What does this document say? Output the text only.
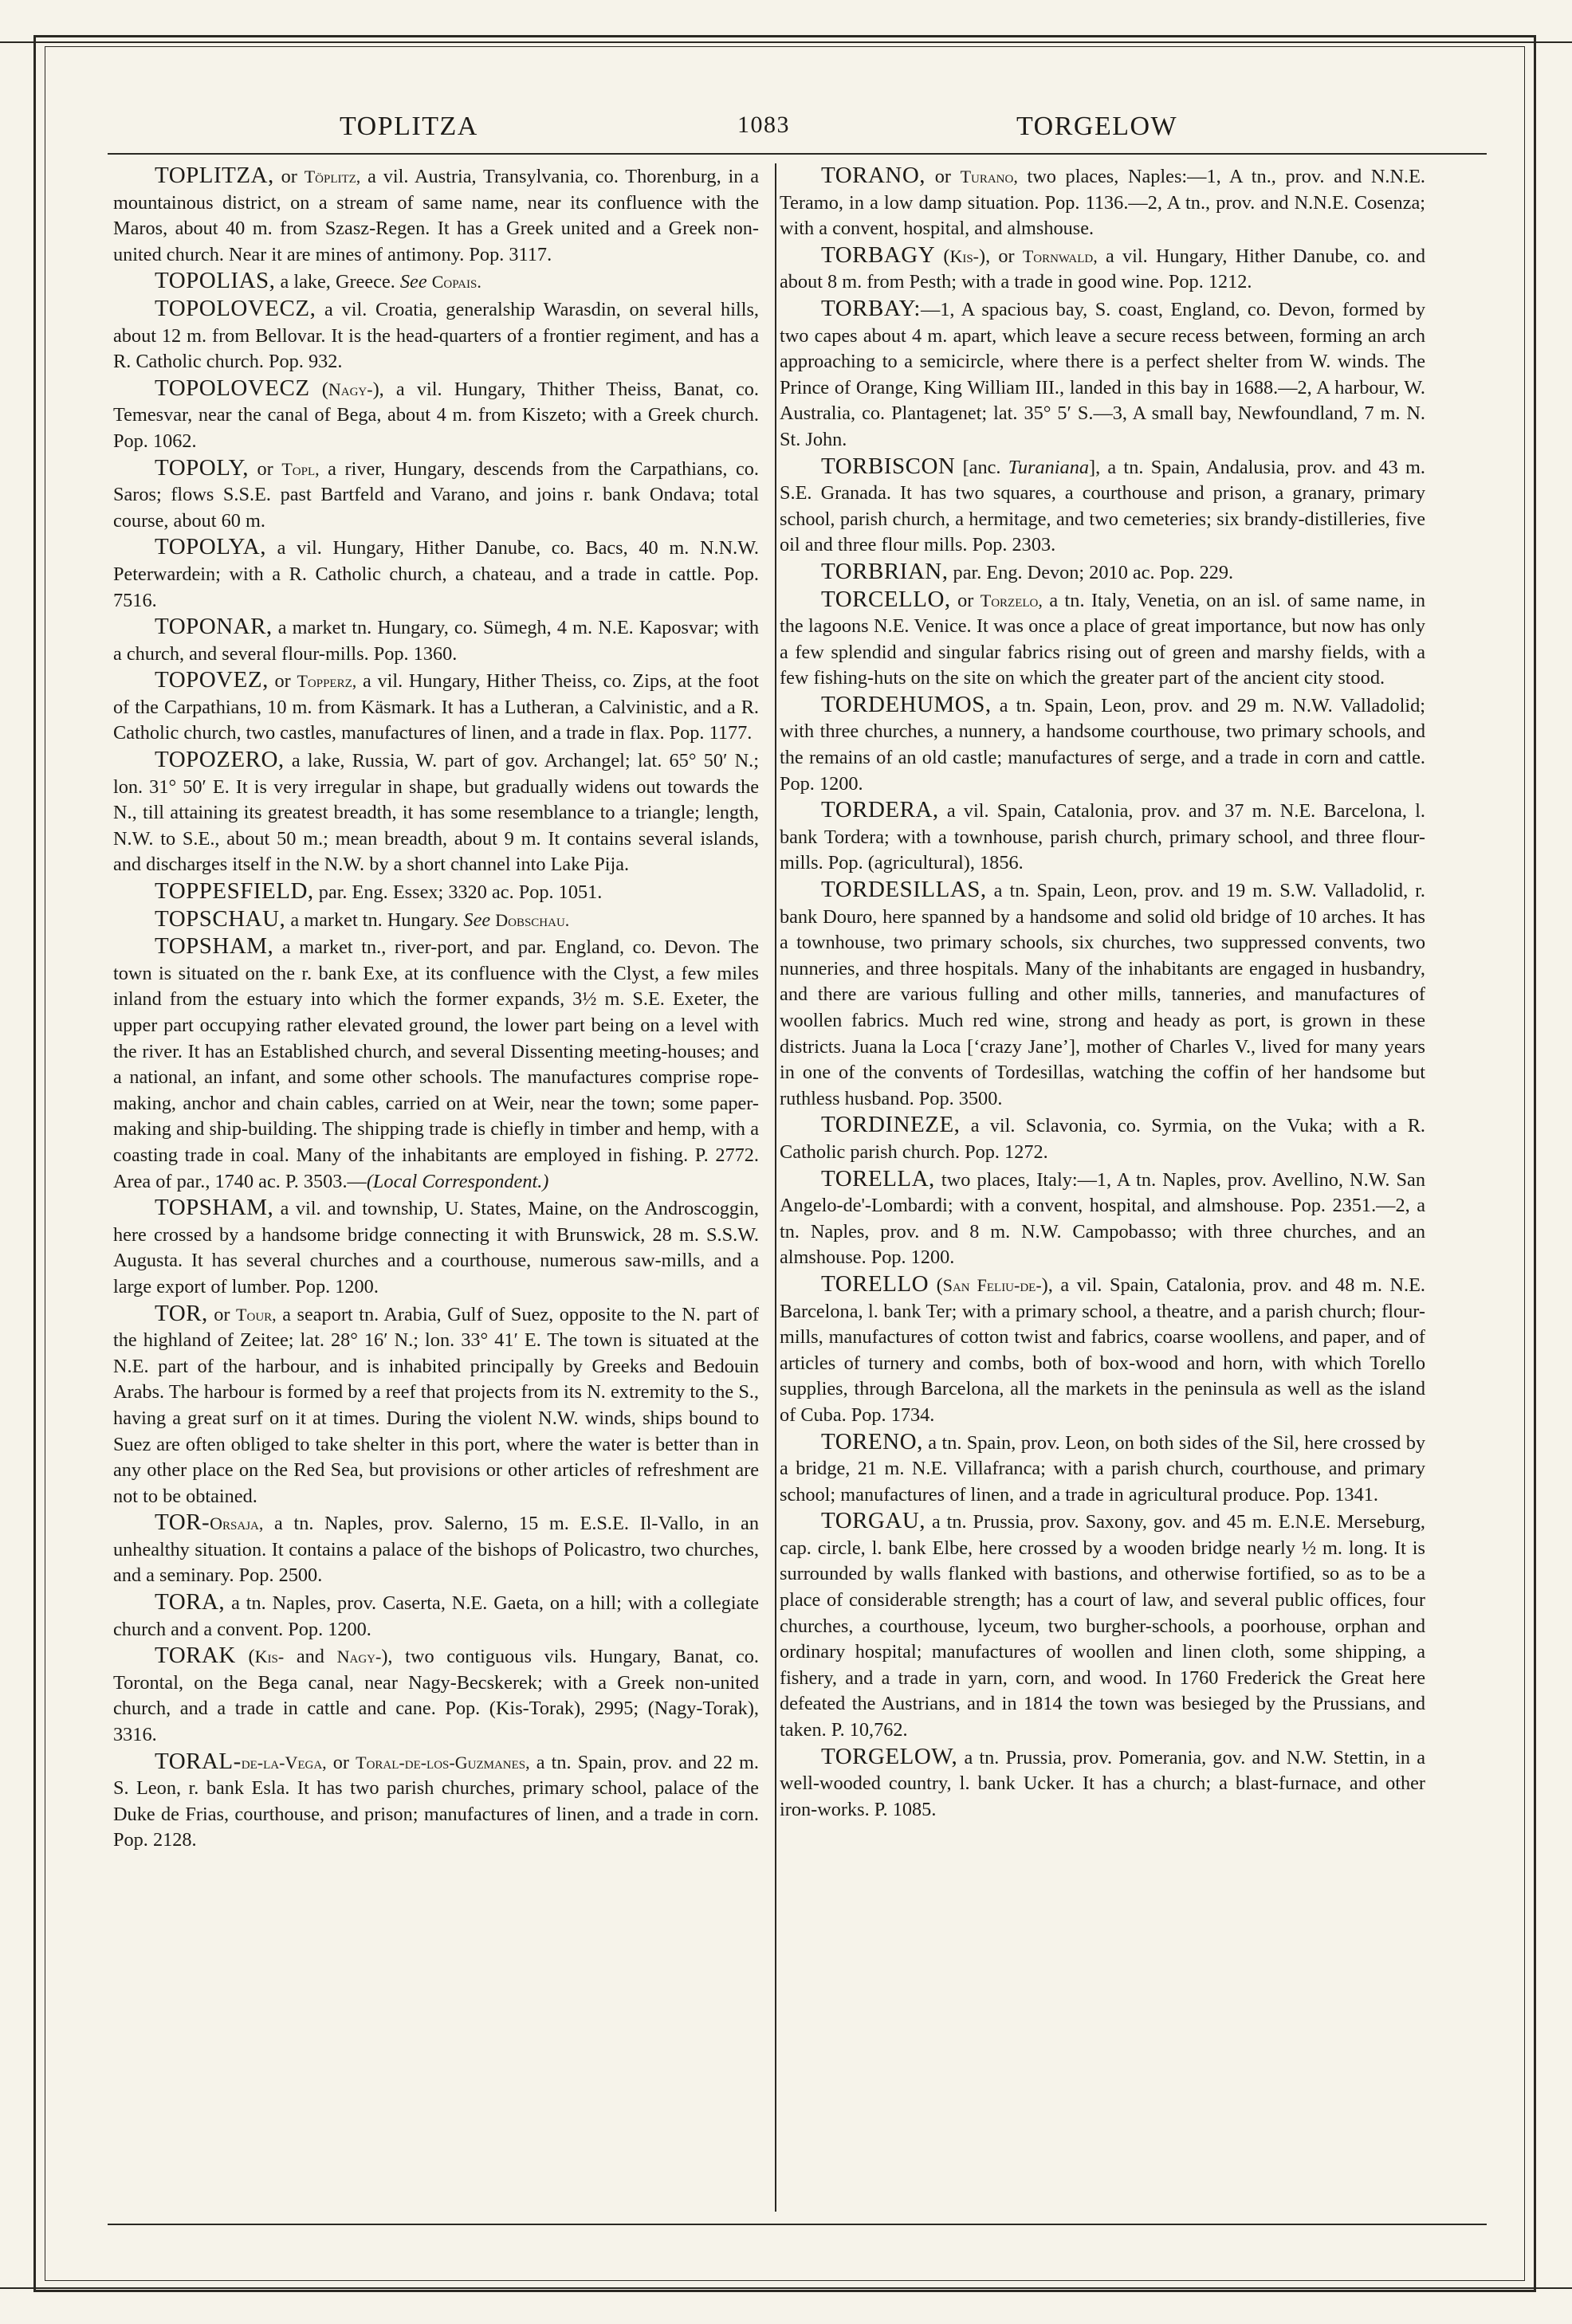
TOPLITZA	1083	TORGELOW

TOPLITZA, or Töplitz, a vil. Austria, Transylvania, co. Thorenburg, in a mountainous district, on a stream of same name, near its confluence with the Maros, about 40 m. from Szasz-Regen. It has a Greek united and a Greek non-united church. Near it are mines of antimony. Pop. 3117.

TOPOLIAS, a lake, Greece. See Copais.

TOPOLOVECZ, a vil. Croatia, generalship Warasdin, on several hills, about 12 m. from Bellovar. It is the head-quarters of a frontier regiment, and has a R. Catholic church. Pop. 932.

TOPOLOVECZ (Nagy-), a vil. Hungary, Thither Theiss, Banat, co. Temesvar, near the canal of Bega, about 4 m. from Kiszeto; with a Greek church. Pop. 1062.

TOPOLY, or Topl, a river, Hungary, descends from the Carpathians, co. Saros; flows S.S.E. past Bartfeld and Varano, and joins r. bank Ondava; total course, about 60 m.

TOPOLYA, a vil. Hungary, Hither Danube, co. Bacs, 40 m. N.N.W. Peterwardein; with a R. Catholic church, a chateau, and a trade in cattle. Pop. 7516.

TOPONAR, a market tn. Hungary, co. Sümegh, 4 m. N.E. Kaposvar; with a church, and several flour-mills. Pop. 1360.

TOPOVEZ, or Topperz, a vil. Hungary, Hither Theiss, co. Zips, at the foot of the Carpathians, 10 m. from Käsmark. It has a Lutheran, a Calvinistic, and a R. Catholic church, two castles, manufactures of linen, and a trade in flax. Pop. 1177.

TOPOZERO, a lake, Russia, W. part of gov. Archangel; lat. 65° 50′ N.; lon. 31° 50′ E. It is very irregular in shape, but gradually widens out towards the N., till attaining its greatest breadth, it has some resemblance to a triangle; length, N.W. to S.E., about 50 m.; mean breadth, about 9 m. It contains several islands, and discharges itself in the N.W. by a short channel into Lake Pija.

TOPPESFIELD, par. Eng. Essex; 3320 ac. Pop. 1051.

TOPSCHAU, a market tn. Hungary. See Dobschau.

TOPSHAM, a market tn., river-port, and par. England, co. Devon. The town is situated on the r. bank Exe, at its confluence with the Clyst, a few miles inland from the estuary into which the former expands, 3½ m. S.E. Exeter, the upper part occupying rather elevated ground, the lower part being on a level with the river. It has an Established church, and several Dissenting meeting-houses; and a national, an infant, and some other schools. The manufactures comprise rope-making, anchor and chain cables, carried on at Weir, near the town; some paper-making and ship-building. The shipping trade is chiefly in timber and hemp, with a coasting trade in coal. Many of the inhabitants are employed in fishing. P. 2772. Area of par., 1740 ac. P. 3503.—(Local Correspondent.)

TOPSHAM, a vil. and township, U. States, Maine, on the Androscoggin, here crossed by a handsome bridge connecting it with Brunswick, 28 m. S.S.W. Augusta. It has several churches and a courthouse, numerous saw-mills, and a large export of lumber. Pop. 1200.

TOR, or Tour, a seaport tn. Arabia, Gulf of Suez, opposite to the N. part of the highland of Zeitee; lat. 28° 16′ N.; lon. 33° 41′ E. The town is situated at the N.E. part of the harbour, and is inhabited principally by Greeks and Bedouin Arabs. The harbour is formed by a reef that projects from its N. extremity to the S., having a great surf on it at times. During the violent N.W. winds, ships bound to Suez are often obliged to take shelter in this port, where the water is better than in any other place on the Red Sea, but provisions or other articles of refreshment are not to be obtained.

TOR-Orsaja, a tn. Naples, prov. Salerno, 15 m. E.S.E. Il-Vallo, in an unhealthy situation. It contains a palace of the bishops of Policastro, two churches, and a seminary. Pop. 2500.

TORA, a tn. Naples, prov. Caserta, N.E. Gaeta, on a hill; with a collegiate church and a convent. Pop. 1200.

TORAK (Kis- and Nagy-), two contiguous vils. Hungary, Banat, co. Torontal, on the Bega canal, near Nagy-Becskerek; with a Greek non-united church, and a trade in cattle and cane. Pop. (Kis-Torak), 2995; (Nagy-Torak), 3316.

TORAL-de-la-Vega, or Toral-de-los-Guzmanes, a tn. Spain, prov. and 22 m. S. Leon, r. bank Esla. It has two parish churches, primary school, palace of the Duke de Frias, courthouse, and prison; manufactures of linen, and a trade in corn. Pop. 2128.

TORANO, or Turano, two places, Naples:—1, A tn., prov. and N.N.E. Teramo, in a low damp situation. Pop. 1136.—2, A tn., prov. and N.N.E. Cosenza; with a convent, hospital, and almshouse.

TORBAGY (Kis-), or Tornwald, a vil. Hungary, Hither Danube, co. and about 8 m. from Pesth; with a trade in good wine. Pop. 1212.

TORBAY:—1, A spacious bay, S. coast, England, co. Devon, formed by two capes about 4 m. apart, which leave a secure recess between, forming an arch approaching to a semicircle, where there is a perfect shelter from W. winds. The Prince of Orange, King William III., landed in this bay in 1688.—2, A harbour, W. Australia, co. Plantagenet; lat. 35° 5′ S.—3, A small bay, Newfoundland, 7 m. N. St. John.

TORBISCON [anc. Turaniana], a tn. Spain, Andalusia, prov. and 43 m. S.E. Granada. It has two squares, a courthouse and prison, a granary, primary school, parish church, a hermitage, and two cemeteries; six brandy-distilleries, five oil and three flour mills. Pop. 2303.

TORBRIAN, par. Eng. Devon; 2010 ac. Pop. 229.

TORCELLO, or Torzelo, a tn. Italy, Venetia, on an isl. of same name, in the lagoons N.E. Venice. It was once a place of great importance, but now has only a few splendid and singular fabrics rising out of green and marshy fields, with a few fishing-huts on the site on which the greater part of the ancient city stood.

TORDEHUMOS, a tn. Spain, Leon, prov. and 29 m. N.W. Valladolid; with three churches, a nunnery, a handsome courthouse, two primary schools, and the remains of an old castle; manufactures of serge, and a trade in corn and cattle. Pop. 1200.

TORDERA, a vil. Spain, Catalonia, prov. and 37 m. N.E. Barcelona, l. bank Tordera; with a townhouse, parish church, primary school, and three flour-mills. Pop. (agricultural), 1856.

TORDESILLAS, a tn. Spain, Leon, prov. and 19 m. S.W. Valladolid, r. bank Douro, here spanned by a handsome and solid old bridge of 10 arches. It has a townhouse, two primary schools, six churches, two suppressed convents, two nunneries, and three hospitals. Many of the inhabitants are engaged in husbandry, and there are various fulling and other mills, tanneries, and manufactures of woollen fabrics. Much red wine, strong and heady as port, is grown in these districts. Juana la Loca [‘crazy Jane’], mother of Charles V., lived for many years in one of the convents of Tordesillas, watching the coffin of her handsome but ruthless husband. Pop. 3500.

TORDINEZE, a vil. Sclavonia, co. Syrmia, on the Vuka; with a R. Catholic parish church. Pop. 1272.

TORELLA, two places, Italy:—1, A tn. Naples, prov. Avellino, N.W. San Angelo-de'-Lombardi; with a convent, hospital, and almshouse. Pop. 2351.—2, a tn. Naples, prov. and 8 m. N.W. Campobasso; with three churches, and an almshouse. Pop. 1200.

TORELLO (San Feliu-de-), a vil. Spain, Catalonia, prov. and 48 m. N.E. Barcelona, l. bank Ter; with a primary school, a theatre, and a parish church; flour-mills, manufactures of cotton twist and fabrics, coarse woollens, and paper, and of articles of turnery and combs, both of box-wood and horn, with which Torello supplies, through Barcelona, all the markets in the peninsula as well as the island of Cuba. Pop. 1734.

TORENO, a tn. Spain, prov. Leon, on both sides of the Sil, here crossed by a bridge, 21 m. N.E. Villafranca; with a parish church, courthouse, and primary school; manufactures of linen, and a trade in agricultural produce. Pop. 1341.

TORGAU, a tn. Prussia, prov. Saxony, gov. and 45 m. E.N.E. Merseburg, cap. circle, l. bank Elbe, here crossed by a wooden bridge nearly ½ m. long. It is surrounded by walls flanked with bastions, and otherwise fortified, so as to be a place of considerable strength; has a court of law, and several public offices, four churches, a courthouse, lyceum, two burgher-schools, a poorhouse, orphan and ordinary hospital; manufactures of woollen and linen cloth, some shipping, a fishery, and a trade in yarn, corn, and wood. In 1760 Frederick the Great here defeated the Austrians, and in 1814 the town was besieged by the Prussians, and taken. P. 10,762.

TORGELOW, a tn. Prussia, prov. Pomerania, gov. and N.W. Stettin, in a well-wooded country, l. bank Ucker. It has a church; a blast-furnace, and other iron-works. P. 1085.
